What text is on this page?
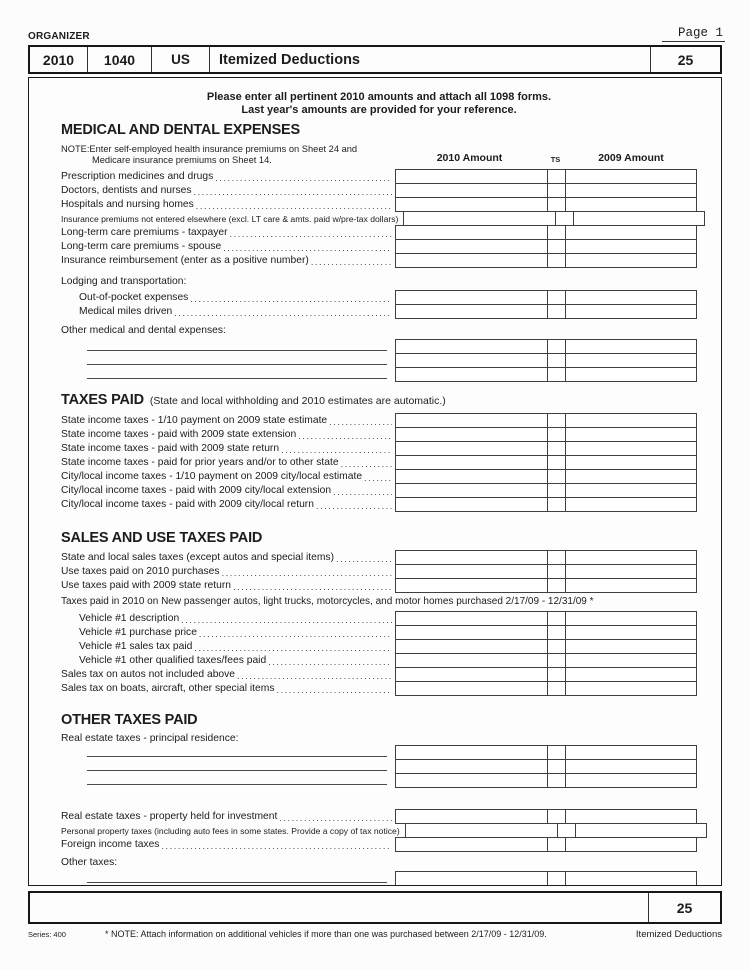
ORGANIZER	Page 1
2010	1040	US	Itemized Deductions	25
Please enter all pertinent 2010 amounts and attach all 1098 forms.
Last year's amounts are provided for your reference.
MEDICAL AND DENTAL EXPENSES
NOTE:Enter self-employed health insurance premiums on Sheet 24 and
Medicare insurance premiums on Sheet 14.	2010 Amount	TS	2009 Amount
Prescription medicines and drugs
.....
Doctors, dentists and nurses
.....
Hospitals and nursing homes
.....
Insurance premiums not entered elsewhere (excl. LT care & amts. paid w/pre-tax dollars)
Long-term care premiums - taxpayer
.....
Long-term care premiums - spouse
.....
Insurance reimbursement (enter as a positive number)
.....
Lodging and transportation:
Out-of-pocket expenses
.....
Medical miles driven
.....
Other medical and dental expenses:
TAXES PAID (State and local withholding and 2010 estimates are automatic.)
State income taxes - 1/10 payment on 2009 state estimate
.....
State income taxes - paid with 2009 state extension
.....
State income taxes - paid with 2009 state return
.....
State income taxes - paid for prior years and/or to other state
.....
City/local income taxes - 1/10 payment on 2009 city/local estimate
.....
City/local income taxes - paid with 2009 city/local extension
.....
City/local income taxes - paid with 2009 city/local return
.....
SALES AND USE TAXES PAID
State and local sales taxes (except autos and special items)
.....
Use taxes paid on 2010 purchases
.....
Use taxes paid with 2009 state return
.....
Taxes paid in 2010 on New passenger autos, light trucks, motorcycles, and motor homes purchased 2/17/09 - 12/31/09 *
Vehicle #1 description
.....
Vehicle #1 purchase price
.....
Vehicle #1 sales tax paid
.....
Vehicle #1 other qualified taxes/fees paid
.....
Sales tax on autos not included above
.....
Sales tax on boats, aircraft, other special items
.....
OTHER TAXES PAID
Real estate taxes - principal residence:
Real estate taxes - property held for investment
.....
Personal property taxes (including auto fees in some states. Provide a copy of tax notice)
Foreign income taxes
.....
Other taxes:
25
Series: 400	* NOTE: Attach information on additional vehicles if more than one was purchased between 2/17/09 - 12/31/09.	Itemized Deductions
